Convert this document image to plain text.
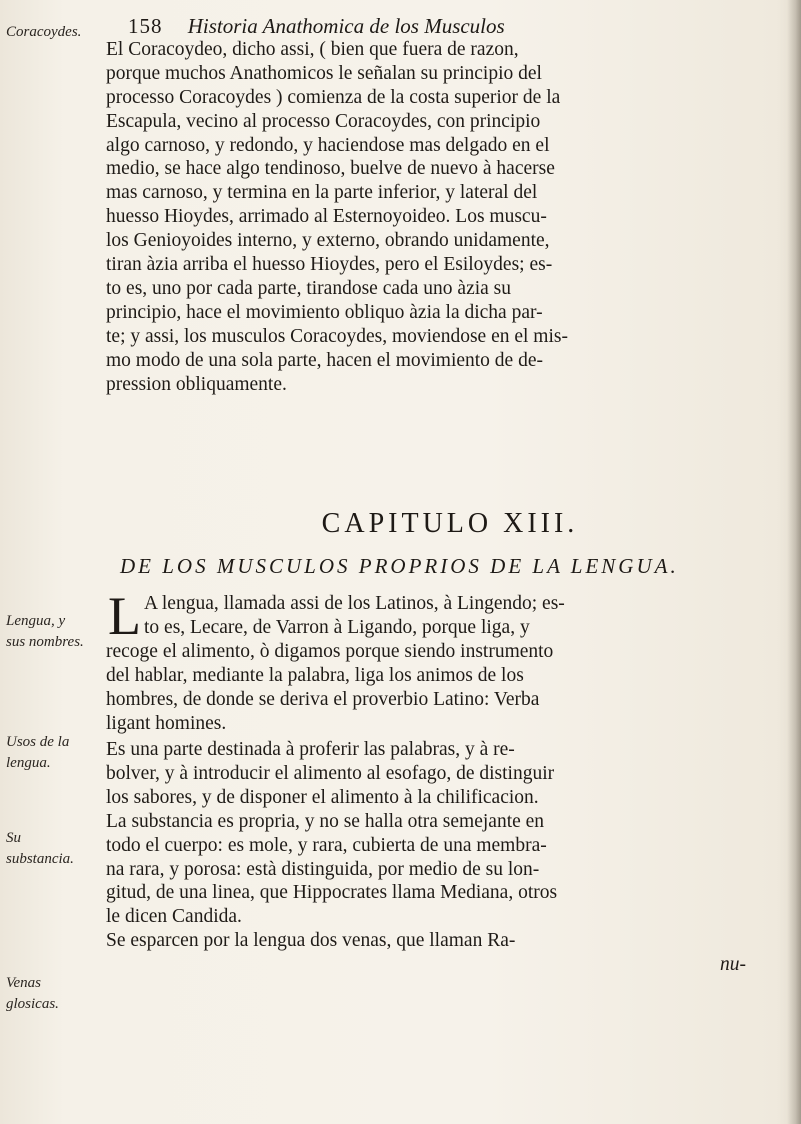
158 Historia Anathomica de los Musculos
Coracoydes.
Lengua, y sus nombres.
Usos de la lengua.
Su substancia.
Venas glosicas.
El Coracoydeo, dicho assi, ( bien que fuera de razon,
porque muchos Anathomicos le señalan su principio del
processo Coracoydes ) comienza de la costa superior de la
Escapula, vecino al processo Coracoydes, con principio
algo carnoso, y redondo, y haciendose mas delgado en el
medio, se hace algo tendinoso, buelve de nuevo à hacerse
mas carnoso, y termina en la parte inferior, y lateral del
huesso Hioydes, arrimado al Esternoyoideo. Los muscu-
los Genioyoides interno, y externo, obrando unidamente,
tiran àzia arriba el huesso Hioydes, pero el Esiloydes; es-
to es, uno por cada parte, tirandose cada uno àzia su
principio, hace el movimiento obliquo àzia la dicha par-
te; y assi, los musculos Coracoydes, moviendose en el mis-
mo modo de una sola parte, hacen el movimiento de de-
pression obliquamente.
CAPITULO XIII.
DE LOS MUSCULOS PROPRIOS DE LA LENGUA.
L A lengua, llamada assi de los Latinos, à Lingendo; es-
to es, Lecare, de Varron à Ligando, porque liga, y
recoge el alimento, ò digamos porque siendo instrumento
del hablar, mediante la palabra, liga los animos de los
hombres, de donde se deriva el proverbio Latino: Verba
ligant homines.
Es una parte destinada à proferir las palabras, y à re-
bolver, y à introducir el alimento al esofago, de distinguir
los sabores, y de disponer el alimento à la chilificacion.
La substancia es propria, y no se halla otra semejante en
todo el cuerpo: es mole, y rara, cubierta de una membra-
na rara, y porosa: està distinguida, por medio de su lon-
gitud, de una linea, que Hippocrates llama Mediana, otros
le dicen Candida.
Se esparcen por la lengua dos venas, que llaman Ra-
nu-
